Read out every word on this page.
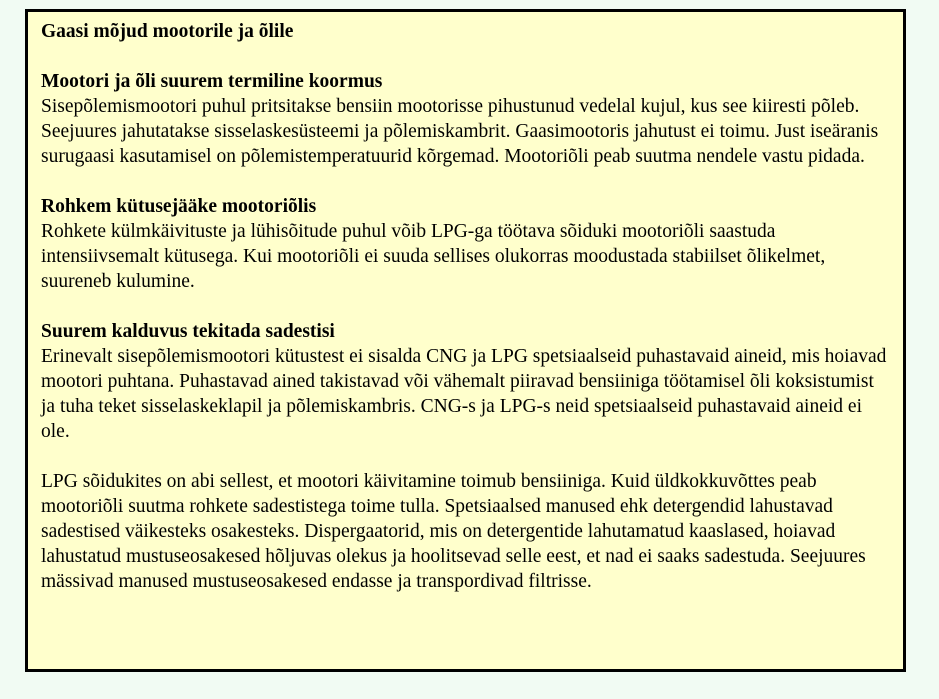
Gaasi mõjud mootorile ja õlile
Mootori ja õli suurem termiline koormus

Sisepõlemismootori puhul pritsitakse bensiin mootorisse pihustunud vedelal kujul, kus see kiiresti põleb. Seejuures jahutatakse sisselaskesüsteemi ja põlemiskambrit. Gaasimootoris jahutust ei toimu. Just iseäranis surugaasi kasutamisel on põlemistemperatuurid kõrgemad. Mootoriõli peab suutma nendele vastu pidada.

Rohkem kütusejääke mootoriõlis

Rohkete külmkäivituste ja lühisõitude puhul võib LPG-ga töötava sõiduki mootoriõli saastuda intensiivsemalt kütusega. Kui mootoriõli ei suuda sellises olukorras moodustada stabiilset õlikelmet, suureneb kulumine.

Suurem kalduvus tekitada sadestisi

Erinevalt sisepõlemismootori kütustest ei sisalda CNG ja LPG spetsiaalseid puhastavaid aineid, mis hoiavad mootori puhtana. Puhastavad ained takistavad või vähemalt piiravad bensiiniga töötamisel õli koksistumist ja tuha teket sisselaskeklapil ja põlemiskambris. CNG-s ja LPG-s neid spetsiaalseid puhastavaid aineid ei ole.

LPG sõidukites on abi sellest, et mootori käivitamine toimub bensiiniga. Kuid üldkokkuvõttes peab mootoriõli suutma rohkete sadestistega toime tulla. Spetsiaalsed manused ehk detergendid lahustavad sadestised väikesteks osakesteks. Dispergaatorid, mis on detergentide lahutamatud kaaslased, hoiavad lahustatud mustuseosakesed hõljuvas olekus ja hoolitsevad selle eest, et nad ei saaks sadestuda. Seejuures mässivad manused mustuseosakesed endasse ja transpordivad filtrisse.
